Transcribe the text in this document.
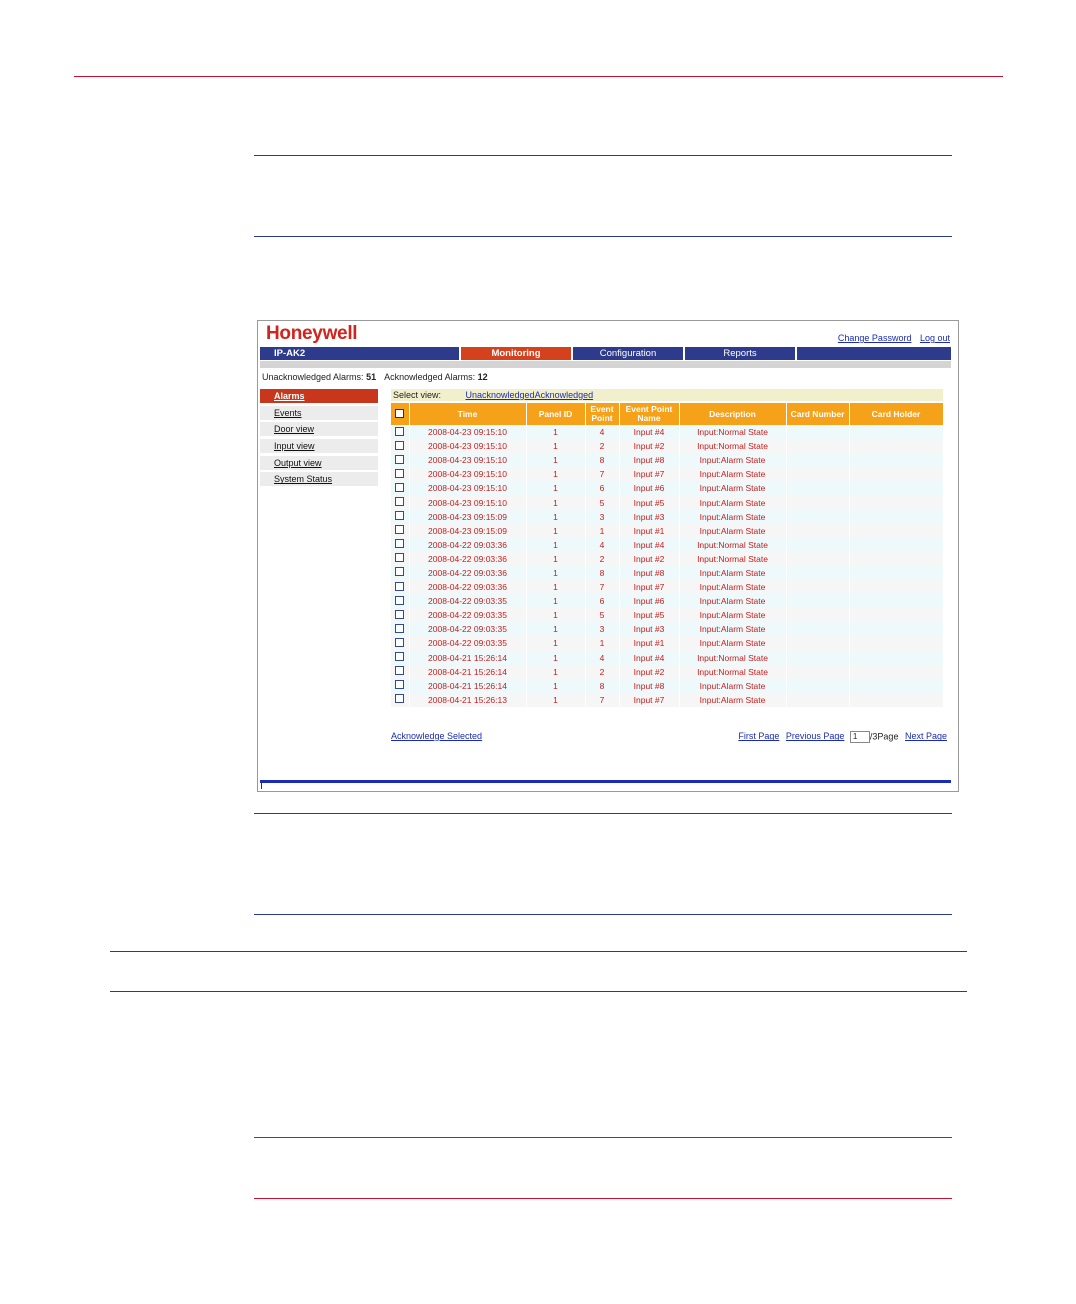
Honeywell	Change Password Log out
IP-AK2	Monitoring	Configuration	Reports
Unacknowledged Alarms: 51 Acknowledged Alarms: 12
Alarms
Events
Door view
Input view
Output view
System Status
Select view:	UnacknowledgedAcknowledged
	Time	Panel ID	Event Point	Event Point Name	Description	Card Number	Card Holder
	2008-04-23 09:15:10	1	4	Input #4	Input:Normal State		
	2008-04-23 09:15:10	1	2	Input #2	Input:Normal State		
	2008-04-23 09:15:10	1	8	Input #8	Input:Alarm State		
	2008-04-23 09:15:10	1	7	Input #7	Input:Alarm State		
	2008-04-23 09:15:10	1	6	Input #6	Input:Alarm State		
	2008-04-23 09:15:10	1	5	Input #5	Input:Alarm State		
	2008-04-23 09:15:09	1	3	Input #3	Input:Alarm State		
	2008-04-23 09:15:09	1	1	Input #1	Input:Alarm State		
	2008-04-22 09:03:36	1	4	Input #4	Input:Normal State		
	2008-04-22 09:03:36	1	2	Input #2	Input:Normal State		
	2008-04-22 09:03:36	1	8	Input #8	Input:Alarm State		
	2008-04-22 09:03:36	1	7	Input #7	Input:Alarm State		
	2008-04-22 09:03:35	1	6	Input #6	Input:Alarm State		
	2008-04-22 09:03:35	1	5	Input #5	Input:Alarm State		
	2008-04-22 09:03:35	1	3	Input #3	Input:Alarm State		
	2008-04-22 09:03:35	1	1	Input #1	Input:Alarm State		
	2008-04-21 15:26:14	1	4	Input #4	Input:Normal State		
	2008-04-21 15:26:14	1	2	Input #2	Input:Normal State		
	2008-04-21 15:26:14	1	8	Input #8	Input:Alarm State		
	2008-04-21 15:26:13	1	7	Input #7	Input:Alarm State		
Acknowledge Selected	First Page Previous Page 1 /3Page Next Page
